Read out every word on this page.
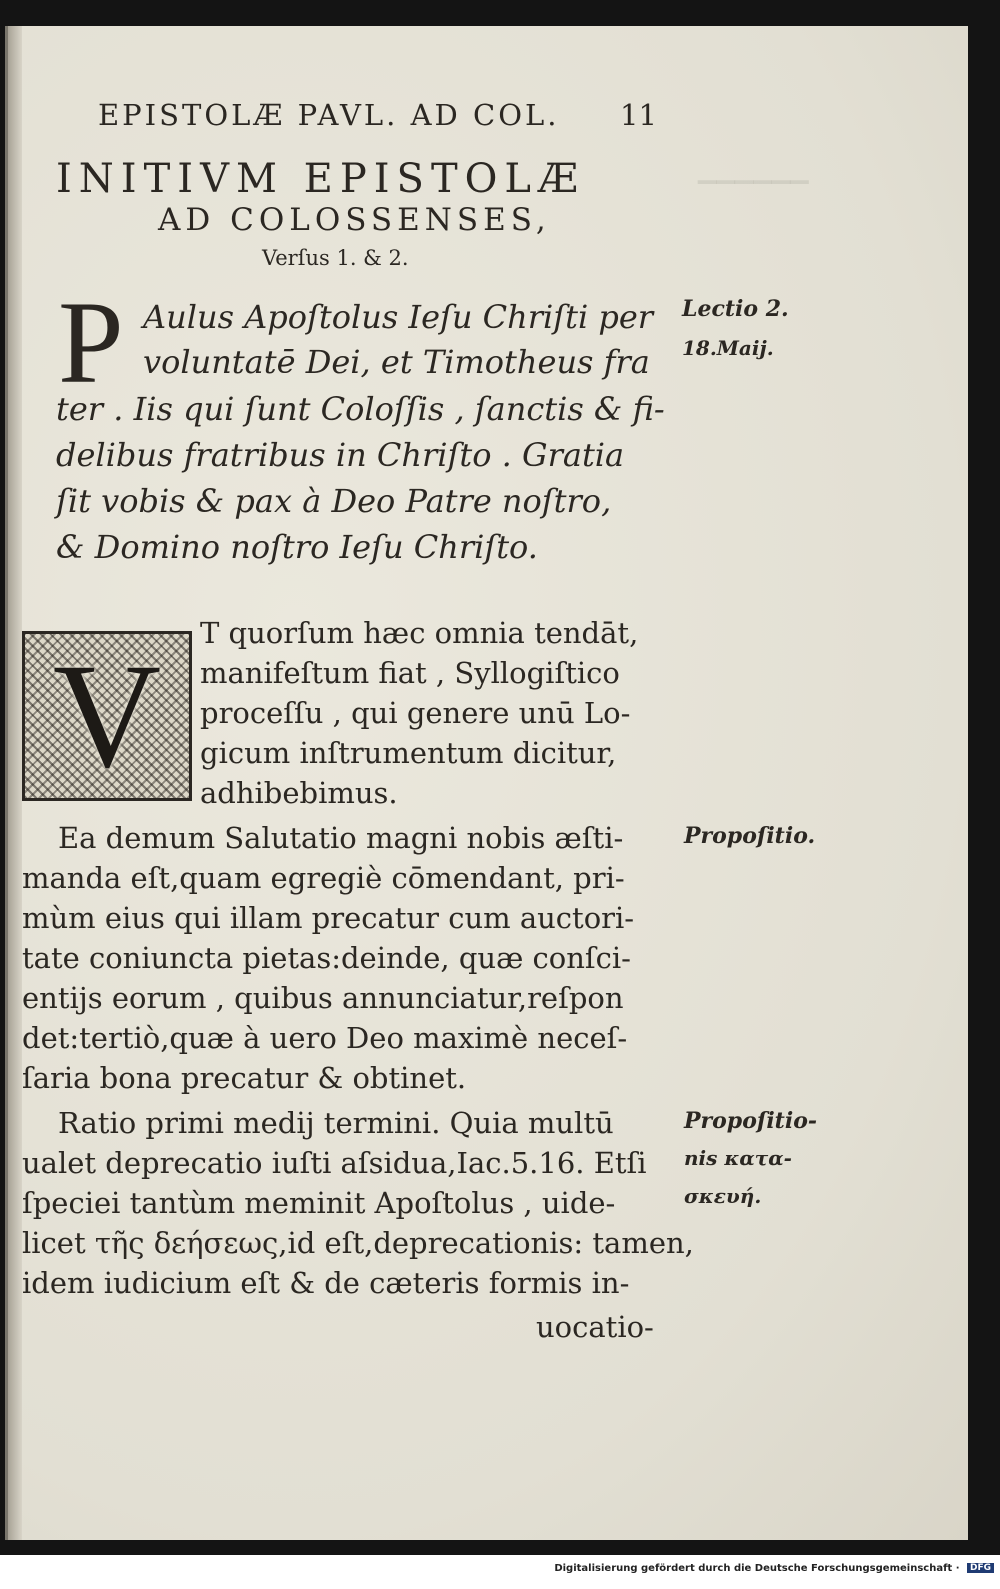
▁▁▁▁▁▁
EPISTOLÆ PAVL. AD COL. 11
INITIVM EPISTOLÆ
AD COLOSSENSES,
Verſus 1. & 2.
P Aulus Apoſtolus Ieſu Chriſti per
voluntatē Dei, et Timotheus fra
ter . Iis qui ſunt Coloſſis , ſanctis & fi-
delibus fratribus in Chriſto . Gratia
ſit vobis & pax à Deo Patre noſtro,
& Domino noſtro Ieſu Chriſto.
Lectio 2.
18.Maij.
V	T quorſum hæc omnia tendāt,
manifeſtum fiat , Syllogiſtico
proceſſu , qui genere unū Lo-
gicum inſtrumentum dicitur,
adhibebimus.
Ea demum Salutatio magni nobis æſti-
manda eſt,quam egregiè cōmendant, pri-
mùm eius qui illam precatur cum auctori-
tate coniuncta pietas:deinde, quæ conſci-
entijs eorum , quibus annunciatur,reſpon
det:tertiò,quæ à uero Deo maximè neceſ-
ſaria bona precatur & obtinet.
Propoſitio.
Ratio primi medij termini. Quia multū
ualet deprecatio iuſti aſsidua,Iac.5.16. Etſi
ſpeciei tantùm meminit Apoſtolus , uide-
licet τῆς δεήσεως,id eſt,deprecationis: tamen,
idem iudicium eſt & de cæteris formis in-
uocatio-
Propoſitio-
nis κατα-
σκευή.
Digitalisierung gefördert durch die Deutsche Forschungsgemeinschaft · DFG
